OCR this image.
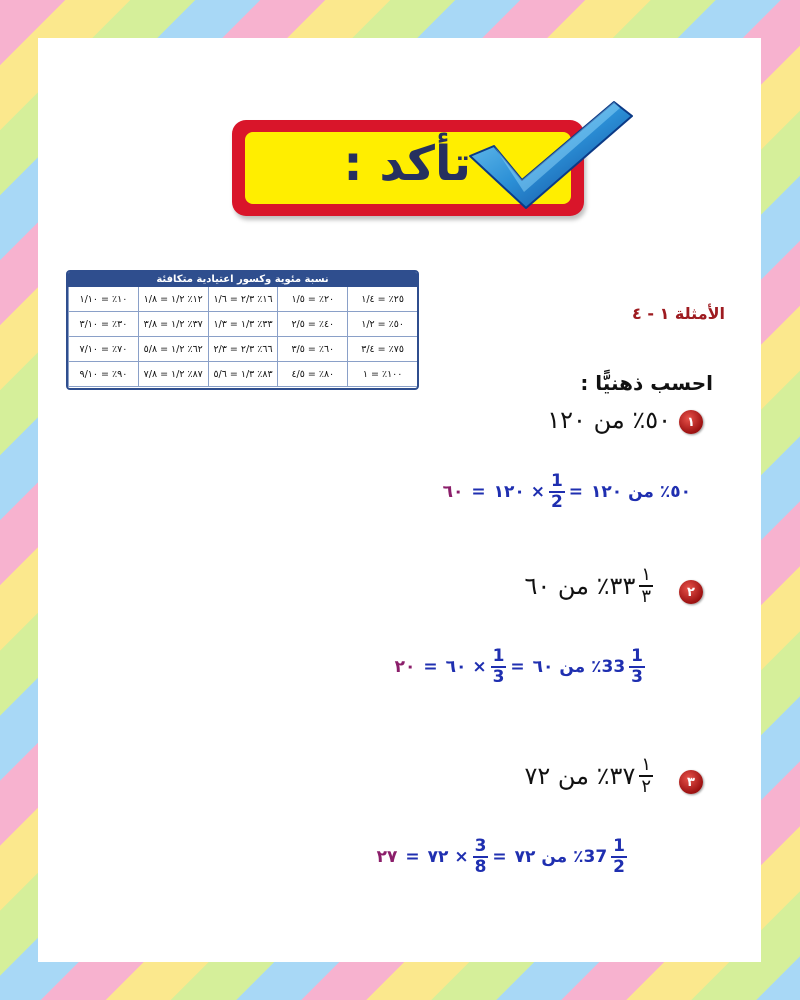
تأكد :
نسبة مئوية وكسور اعتيادية متكافئة
٢٥٪ = ١/٤
٢٠٪ = ١/٥
١٦٪ ٢/٣ = ١/٦
١٢٪ ١/٢ = ١/٨
١٠٪ = ١/١٠
٥٠٪ = ١/٢
٤٠٪ = ٢/٥
٣٣٪ ١/٣ = ١/٣
٣٧٪ ١/٢ = ٣/٨
٣٠٪ = ٣/١٠
٧٥٪ = ٣/٤
٦٠٪ = ٣/٥
٦٦٪ ٢/٣ = ٢/٣
٦٢٪ ١/٢ = ٥/٨
٧٠٪ = ٧/١٠
١٠٠٪ = ١
٨٠٪ = ٤/٥
٨٣٪ ١/٣ = ٥/٦
٨٧٪ ١/٢ = ٧/٨
٩٠٪ = ٩/١٠
الأمثلة ١ - ٤
احسب ذهنيًّا :
١
٥٠٪ من ١٢٠
٥٠٪ من ١٢٠
=
$\frac{1}{2}$
× ١٢٠
=
٦٠
٢
$\frac{١}{٣}$
٣٣٪ من ٦٠
$33 \frac{1}{3}$
٪ من ٦٠
=
$\frac{1}{3}$
× ٦٠
=
٢٠
٣
$\frac{١}{٢}$
٣٧٪ من ٧٢
$37 \frac{1}{2}$
٪ من ٧٢
=
$\frac{3}{8}$
× ٧٢
=
٢٧
